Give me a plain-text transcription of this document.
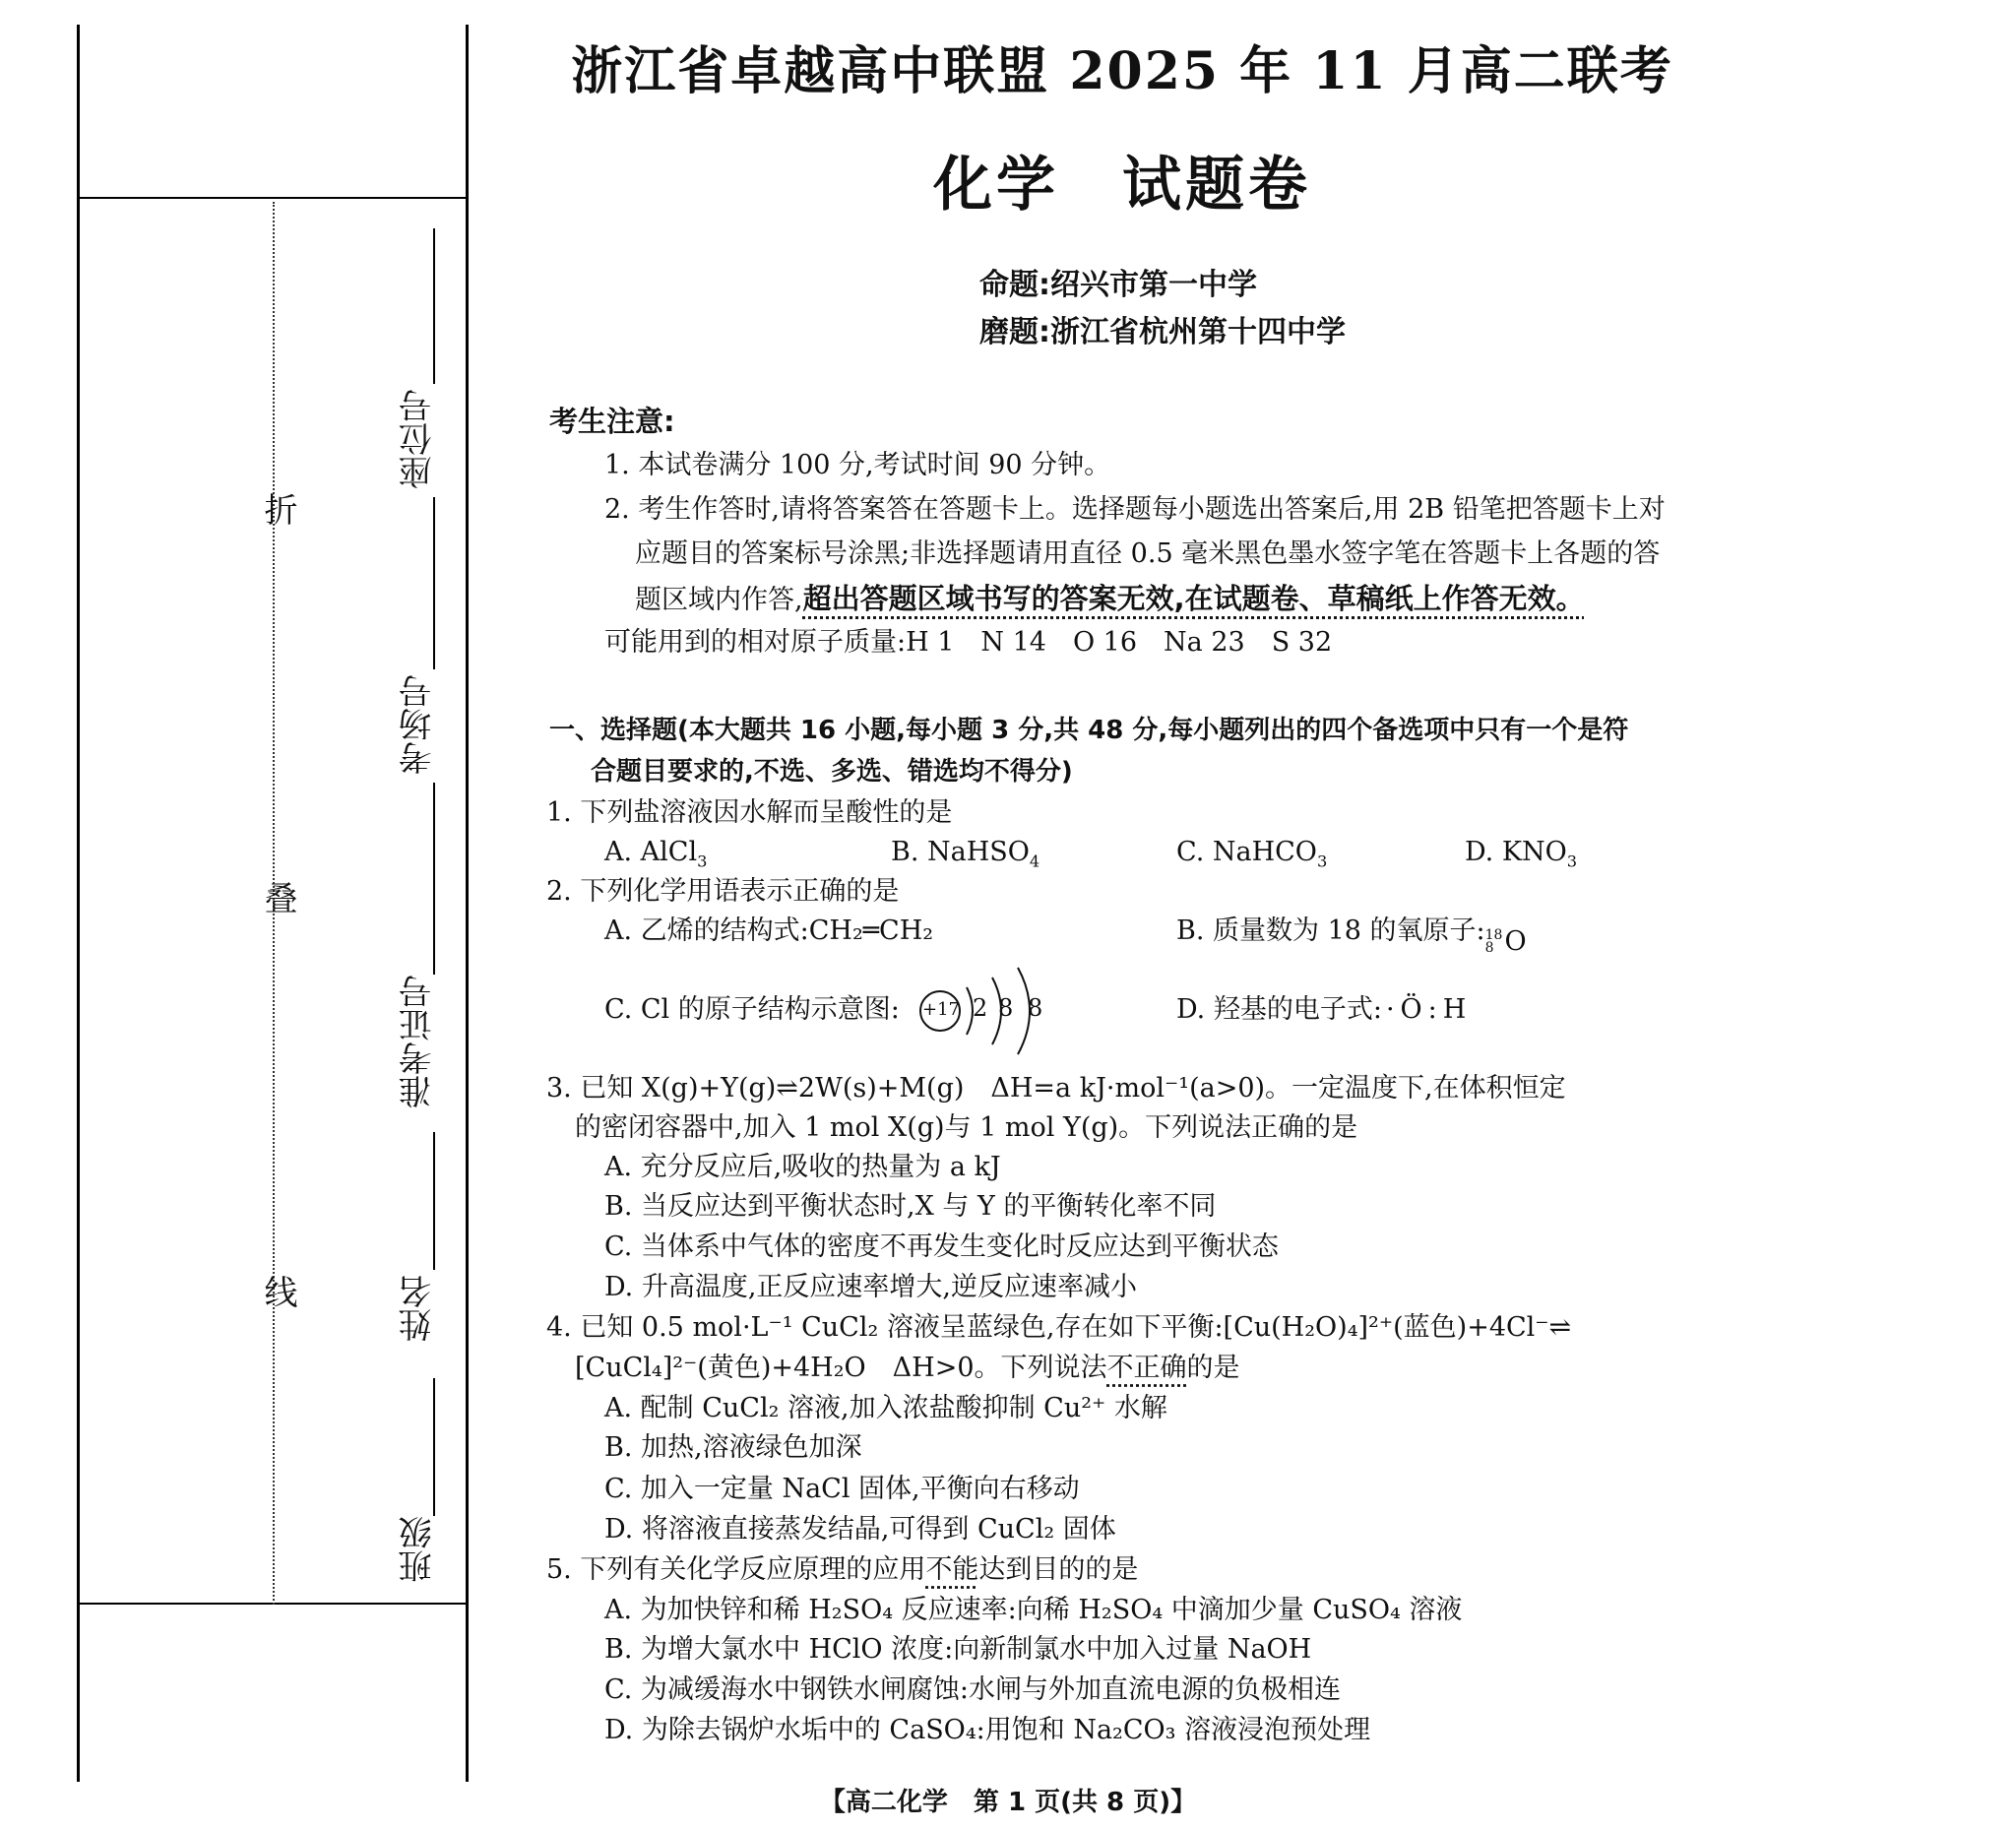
折
叠
线
座位号
考场号
准考证号
姓名
班级
浙江省卓越高中联盟 2025 年 11 月高二联考
化学　试题卷
命题:绍兴市第一中学
磨题:浙江省杭州第十四中学
考生注意:
1. 本试卷满分 100 分,考试时间 90 分钟。
2. 考生作答时,请将答案答在答题卡上。选择题每小题选出答案后,用 2B 铅笔把答题卡上对
应题目的答案标号涂黑;非选择题请用直径 0.5 毫米黑色墨水签字笔在答题卡上各题的答
题区域内作答,超出答题区域书写的答案无效,在试题卷、草稿纸上作答无效。
可能用到的相对原子质量:H 1　N 14　O 16　Na 23　S 32
一、选择题(本大题共 16 小题,每小题 3 分,共 48 分,每小题列出的四个备选项中只有一个是符
合题目要求的,不选、多选、错选均不得分)
1. 下列盐溶液因水解而呈酸性的是
A. AlCl$_3$	B. NaHSO$_4$	C. NaHCO$_3$	D. $KNO_3$
2. 下列化学用语表示正确的是
A. 乙烯的结构式:CH₂═CH₂	B. 质量数为 18 的氧原子: 18
8 O
C. Cl 的原子结构示意图: +17 2 8 8	D. 羟基的电子式: ·Ö:H
3. 已知 X(g)+Y(g)⇌2W(s)+M(g)　ΔH=a kJ·mol⁻¹(a>0)。一定温度下,在体积恒定
的密闭容器中,加入 1 mol X(g)与 1 mol Y(g)。下列说法正确的是
A. 充分反应后,吸收的热量为 a kJ
B. 当反应达到平衡状态时,X 与 Y 的平衡转化率不同
C. 当体系中气体的密度不再发生变化时反应达到平衡状态
D. 升高温度,正反应速率增大,逆反应速率减小
4. 已知 0.5 mol·L⁻¹ CuCl₂ 溶液呈蓝绿色,存在如下平衡:[Cu(H₂O)₄]²⁺(蓝色)+4Cl⁻⇌
[CuCl₄]²⁻(黄色)+4H₂O　ΔH>0。下列说法不正确的是
A. 配制 CuCl₂ 溶液,加入浓盐酸抑制 Cu²⁺ 水解
B. 加热,溶液绿色加深
C. 加入一定量 NaCl 固体,平衡向右移动
D. 将溶液直接蒸发结晶,可得到 CuCl₂ 固体
5. 下列有关化学反应原理的应用不能达到目的的是
A. 为加快锌和稀 H₂SO₄ 反应速率:向稀 H₂SO₄ 中滴加少量 CuSO₄ 溶液
B. 为增大氯水中 HClO 浓度:向新制氯水中加入过量 NaOH
C. 为减缓海水中钢铁水闸腐蚀:水闸与外加直流电源的负极相连
D. 为除去锅炉水垢中的 CaSO₄:用饱和 Na₂CO₃ 溶液浸泡预处理
【高二化学　第 1 页(共 8 页)】
